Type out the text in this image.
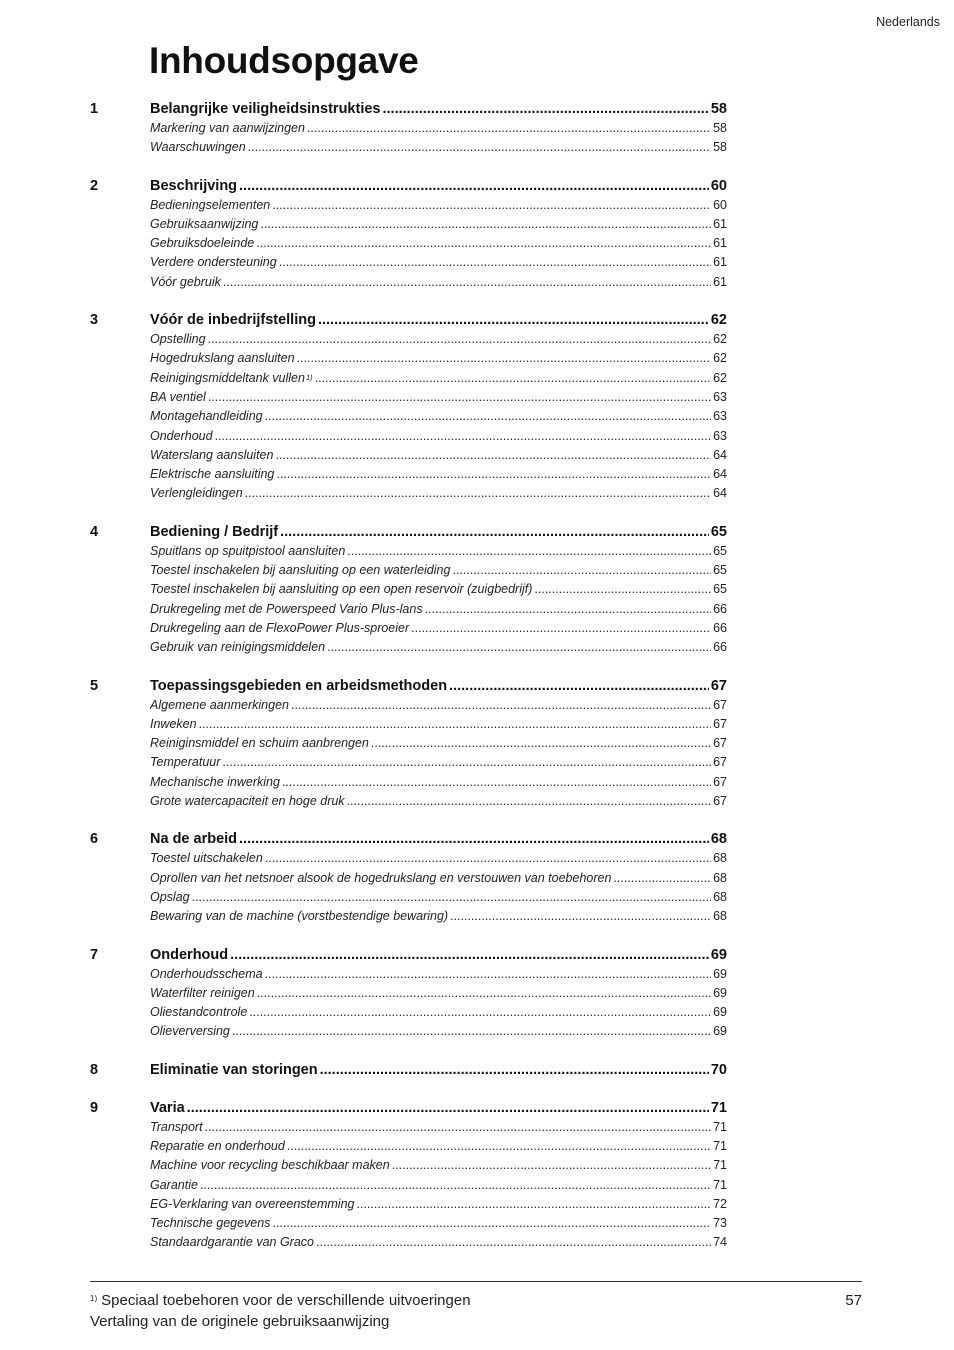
Nederlands
Inhoudsopgave
1	Belangrijke veiligheidsinstrukties .....	58
Markering van aanwijzingen .....	58
Waarschuwingen .....	58
2	Beschrijving .....	60
Bedieningselementen .....	60
Gebruiksaanwijzing .....	61
Gebruiksdoeleinde .....	61
Verdere ondersteuning .....	61
Vóór gebruik .....	61
3	Vóór de inbedrijfstelling .....	62
Opstelling .....	62
Hogedrukslang aansluiten .....	62
Reinigingsmiddeltank vullen$^{1)}$ .....	62
BA ventiel .....	63
Montagehandleiding .....	63
Onderhoud .....	63
Waterslang aansluiten .....	64
Elektrische aansluiting .....	64
Verlengleidingen .....	64
4	Bediening / Bedrijf .....	65
Spuitlans op spuitpistool aansluiten .....	65
Toestel inschakelen bij aansluiting op een waterleiding .....	65
Toestel inschakelen bij aansluiting op een open reservoir (zuigbedrijf) .....	65
Drukregeling met de Powerspeed Vario Plus-lans .....	66
Drukregeling aan de FlexoPower Plus-sproeier .....	66
Gebruik van reinigingsmiddelen .....	66
5	Toepassingsgebieden en arbeidsmethoden .....	67
Algemene aanmerkingen .....	67
Inweken .....	67
Reiniginsmiddel en schuim aanbrengen .....	67
Temperatuur .....	67
Mechanische inwerking .....	67
Grote watercapaciteit en hoge druk .....	67
6	Na de arbeid .....	68
Toestel uitschakelen .....	68
Oprollen van het netsnoer alsook de hogedrukslang en verstouwen van toebehoren .....	68
Opslag .....	68
Bewaring van de machine (vorstbestendige bewaring) .....	68
7	Onderhoud .....	69
Onderhoudsschema .....	69
Waterfilter reinigen .....	69
Oliestandcontrole .....	69
Olieverversing .....	69
8	Eliminatie van storingen .....	70
9	Varia .....	71
Transport .....	71
Reparatie en onderhoud .....	71
Machine voor recycling beschikbaar maken .....	71
Garantie .....	71
EG-Verklaring van overeenstemming .....	72
Technische gegevens .....	73
Standaardgarantie van Graco .....	74
$^{1)}$ Speciaal toebehoren voor de verschillende uitvoeringen
Vertaling van de originele gebruiksaanwijzing
57
